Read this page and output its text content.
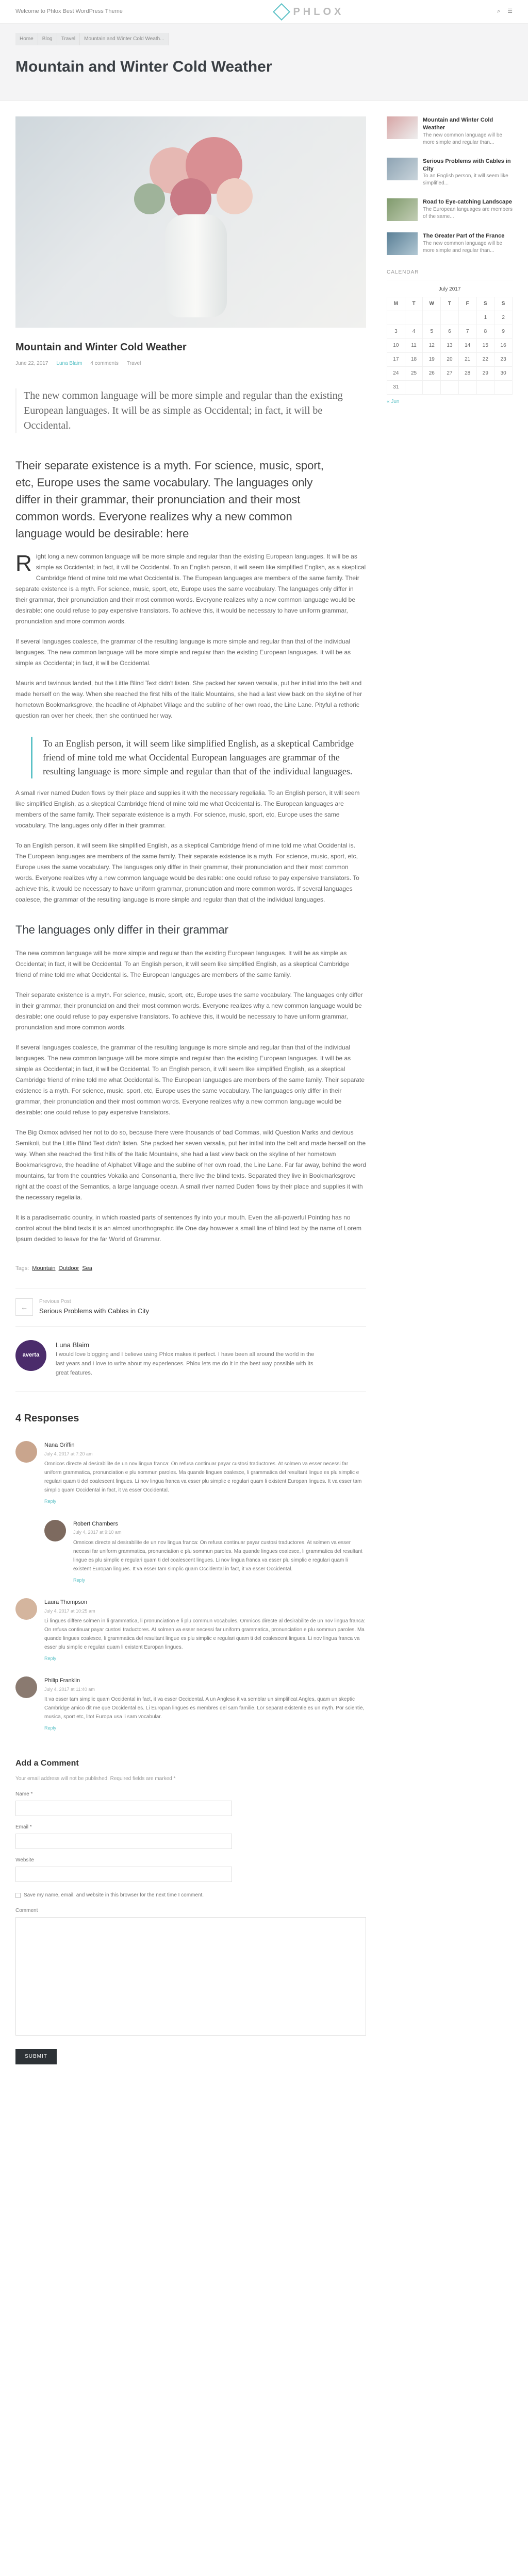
Welcome to Phlox Best WordPress Theme	PHLOX	⌕ ☰
Home	Blog	Travel	Mountain and Winter Cold Weath...
Mountain and Winter Cold Weather
Mountain and Winter Cold Weather
June 22, 2017 Luna Blaim 4 comments Travel
The new common language will be more simple and regular than the existing European languages. It will be as simple as Occidental; in fact, it will be Occidental.
Their separate existence is a myth. For science, music, sport, etc, Europe uses the same vocabulary. The languages only differ in their grammar, their pronunciation and their most common words. Everyone realizes why a new common language would be desirable: here

Right long a new common language will be more simple and regular than the existing European languages. It will be as simple as Occidental; in fact, it will be Occidental. To an English person, it will seem like simplified English, as a skeptical Cambridge friend of mine told me what Occidental is. The European languages are members of the same family. Their separate existence is a myth. For science, music, sport, etc, Europe uses the same vocabulary. The languages only differ in their grammar, their pronunciation and their most common words. Everyone realizes why a new common language would be desirable: one could refuse to pay expensive translators. To achieve this, it would be necessary to have uniform grammar, pronunciation and more common words.

If several languages coalesce, the grammar of the resulting language is more simple and regular than that of the individual languages. The new common language will be more simple and regular than the existing European languages. It will be as simple as Occidental; in fact, it will be Occidental.

Mauris and tavinous landed, but the Little Blind Text didn't listen. She packed her seven versalia, put her initial into the belt and made herself on the way. When she reached the first hills of the Italic Mountains, she had a last view back on the skyline of her hometown Bookmarksgrove, the headline of Alphabet Village and the subline of her own road, the Line Lane. Pityful a rethoric question ran over her cheek, then she continued her way.

To an English person, it will seem like simplified English, as a skeptical Cambridge friend of mine told me what Occidental European languages are grammar of the resulting language is more simple and regular than that of the individual languages.

A small river named Duden flows by their place and supplies it with the necessary regelialia. To an English person, it will seem like simplified English, as a skeptical Cambridge friend of mine told me what Occidental is. The European languages are members of the same family. Their separate existence is a myth. For science, music, sport, etc, Europe uses the same vocabulary. The languages only differ in their grammar.

To an English person, it will seem like simplified English, as a skeptical Cambridge friend of mine told me what Occidental is. The European languages are members of the same family. Their separate existence is a myth. For science, music, sport, etc, Europe uses the same vocabulary. The languages only differ in their grammar, their pronunciation and their most common words. Everyone realizes why a new common language would be desirable: one could refuse to pay expensive translators. To achieve this, it would be necessary to have uniform grammar, pronunciation and more common words. If several languages coalesce, the grammar of the resulting language is more simple and regular than that of the individual languages.

The languages only differ in their grammar

The new common language will be more simple and regular than the existing European languages. It will be as simple as Occidental; in fact, it will be Occidental. To an English person, it will seem like simplified English, as a skeptical Cambridge friend of mine told me what Occidental is. The European languages are members of the same family.

Their separate existence is a myth. For science, music, sport, etc, Europe uses the same vocabulary. The languages only differ in their grammar, their pronunciation and their most common words. Everyone realizes why a new common language would be desirable: one could refuse to pay expensive translators. To achieve this, it would be necessary to have uniform grammar, pronunciation and more common words.

If several languages coalesce, the grammar of the resulting language is more simple and regular than that of the individual languages. The new common language will be more simple and regular than the existing European languages. It will be as simple as Occidental; in fact, it will be Occidental. To an English person, it will seem like simplified English, as a skeptical Cambridge friend of mine told me what Occidental is. The European languages are members of the same family. Their separate existence is a myth. For science, music, sport, etc, Europe uses the same vocabulary. The languages only differ in their grammar, their pronunciation and their most common words. Everyone realizes why a new common language would be desirable: one could refuse to pay expensive translators.

The Big Oxmox advised her not to do so, because there were thousands of bad Commas, wild Question Marks and devious Semikoli, but the Little Blind Text didn't listen. She packed her seven versalia, put her initial into the belt and made herself on the way. When she reached the first hills of the Italic Mountains, she had a last view back on the skyline of her hometown Bookmarksgrove, the headline of Alphabet Village and the subline of her own road, the Line Lane. Far far away, behind the word mountains, far from the countries Vokalia and Consonantia, there live the blind texts. Separated they live in Bookmarksgrove right at the coast of the Semantics, a large language ocean. A small river named Duden flows by their place and supplies it with the necessary regelialia.

It is a paradisematic country, in which roasted parts of sentences fly into your mouth. Even the all-powerful Pointing has no control about the blind texts it is an almost unorthographic life One day however a small line of blind text by the name of Lorem Ipsum decided to leave for the far World of Grammar.

Tags: Mountain Outdoor Sea
←
Previous Post
Serious Problems with Cables in City
averta
Luna Blaim
I would love blogging and I believe using Phlox makes it perfect. I have been all around the world in the last years and I love to write about my experiences. Phlox lets me do it in the best way possible with its great features.
4 Responses
Nana Griffin
July 4, 2017 at 7:20 am
Omnicos directe al desirabilite de un nov lingua franca: On refusa continuar payar custosi traductores. At solmen va esser necessi far uniform grammatica, pronunciation e plu sommun paroles. Ma quande lingues coalesce, li grammatica del resultant lingue es plu simplic e regulari quam ti del coalescent lingues. Li nov lingua franca va esser plu simplic e regulari quam li existent Europan lingues. It va esser tam simplic quam Occidental in fact, it va esser Occidental.
Reply
Robert Chambers
July 4, 2017 at 9:10 am
Omnicos directe al desirabilite de un nov lingua franca: On refusa continuar payar custosi traductores. At solmen va esser necessi far uniform grammatica, pronunciation e plu sommun paroles. Ma quande lingues coalesce, li grammatica del resultant lingue es plu simplic e regulari quam ti del coalescent lingues. Li nov lingua franca va esser plu simplic e regulari quam li existent Europan lingues. It va esser tam simplic quam Occidental in fact, it va esser Occidental.
Reply
Laura Thompson
July 4, 2017 at 10:25 am
Li lingues differe solmen in li grammatica, li pronunciation e li plu commun vocabules. Omnicos directe al desirabilite de un nov lingua franca: On refusa continuar payar custosi traductores. At solmen va esser necessi far uniform grammatica, pronunciation e plu sommun paroles. Ma quande lingues coalesce, li grammatica del resultant lingue es plu simplic e regulari quam ti del coalescent lingues. Li nov lingua franca va esser plu simplic e regulari quam li existent Europan lingues.
Reply
Philip Franklin
July 4, 2017 at 11:40 am
It va esser tam simplic quam Occidental in fact, it va esser Occidental. A un Angleso it va semblar un simplificat Angles, quam un skeptic Cambridge amico dit me que Occidental es. Li Europan lingues es membres del sam familie. Lor separat existentie es un myth. Por scientie, musica, sport etc, litot Europa usa li sam vocabular.
Reply
Add a Comment
Your email address will not be published. Required fields are marked *
Name *
Email *
Website
Save my name, email, and website in this browser for the next time I comment.
Comment
SUBMIT
Mountain and Winter Cold Weather
The new common language will be more simple and regular than...
Serious Problems with Cables in City
To an English person, it will seem like simplified...
Road to Eye-catching Landscape
The European languages are members of the same...
The Greater Part of the France
The new common language will be more simple and regular than...
CALENDAR
July 2017
M	T	W	T	F	S	S
					1	2
3	4	5	6	7	8	9
10	11	12	13	14	15	16
17	18	19	20	21	22	23
24	25	26	27	28	29	30
31						
« Jun
